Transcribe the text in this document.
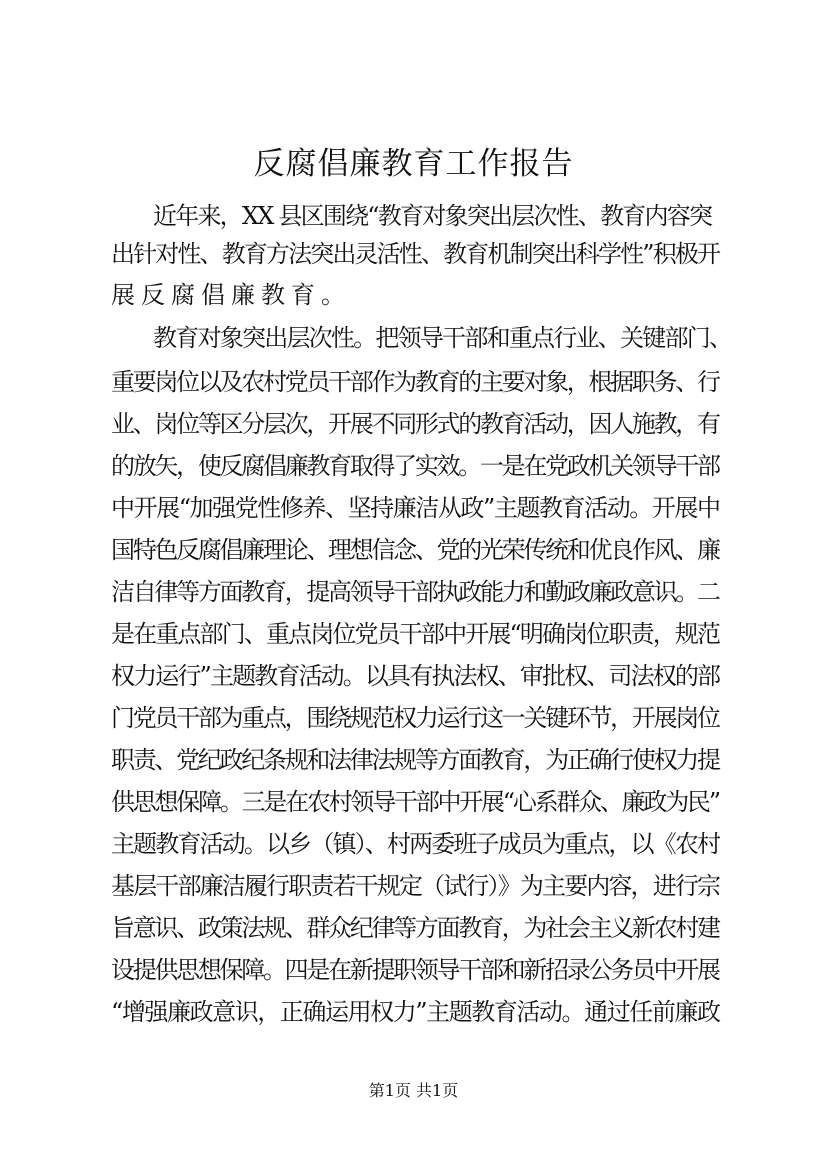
反腐倡廉教育工作报告

近年来，XX 县区围绕“教育对象突出层次性、教育内容突

出针对性、教育方法突出灵活性、教育机制突出科学性”积极开

展反腐倡廉教育。

教育对象突出层次性。把领导干部和重点行业、关键部门、

重要岗位以及农村党员干部作为教育的主要对象，根据职务、行

业、岗位等区分层次，开展不同形式的教育活动，因人施教，有

的放矢，使反腐倡廉教育取得了实效。一是在党政机关领导干部

中开展“加强党性修养、坚持廉洁从政”主题教育活动。开展中

国特色反腐倡廉理论、理想信念、党的光荣传统和优良作风、廉

洁自律等方面教育，提高领导干部执政能力和勤政廉政意识。二

是在重点部门、重点岗位党员干部中开展“明确岗位职责，规范

权力运行”主题教育活动。以具有执法权、审批权、司法权的部

门党员干部为重点，围绕规范权力运行这一关键环节，开展岗位

职责、党纪政纪条规和法律法规等方面教育，为正确行使权力提

供思想保障。三是在农村领导干部中开展“心系群众、廉政为民”

主题教育活动。以乡（镇）、村两委班子成员为重点，以《农村

基层干部廉洁履行职责若干规定（试行）》为主要内容，进行宗

旨意识、政策法规、群众纪律等方面教育，为社会主义新农村建

设提供思想保障。四是在新提职领导干部和新招录公务员中开展

“增强廉政意识，正确运用权力”主题教育活动。通过任前廉政

第1页 共1页
